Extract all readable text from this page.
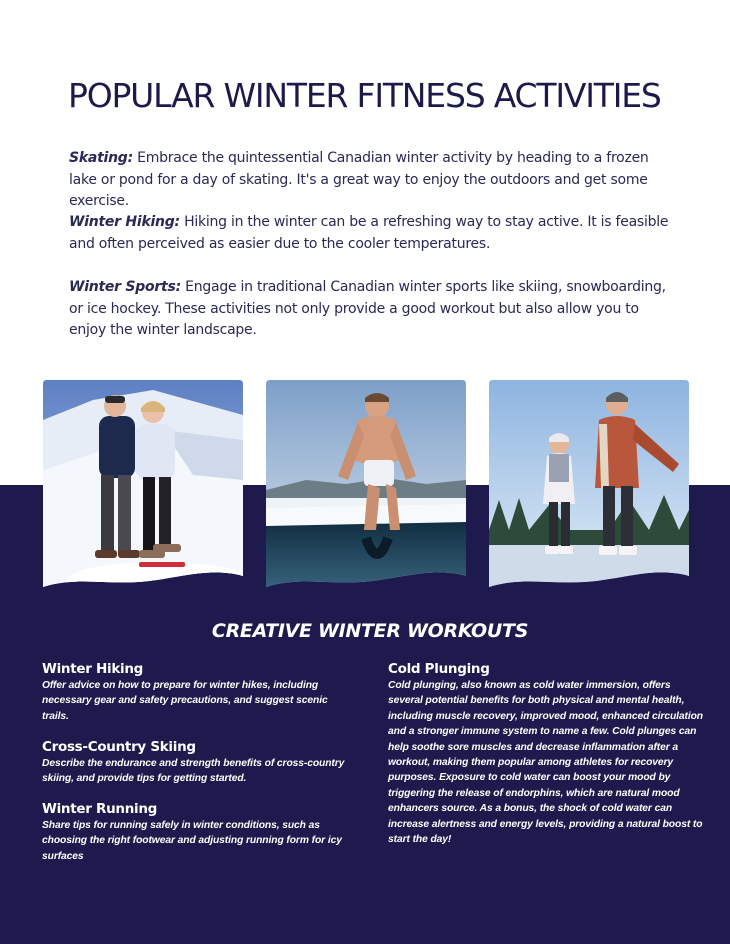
POPULAR WINTER FITNESS ACTIVITIES

Skating: Embrace the quintessential Canadian winter activity by heading to a frozen lake or pond for a day of skating. It's a great way to enjoy the outdoors and get some exercise.

Winter Hiking: Hiking in the winter can be a refreshing way to stay active. It is feasible and often perceived as easier due to the cooler temperatures.

Winter Sports: Engage in traditional Canadian winter sports like skiing, snowboarding, or ice hockey. These activities not only provide a good workout but also allow you to enjoy the winter landscape.

CREATIVE WINTER WORKOUTS
Winter Hiking

Offer advice on how to prepare for winter hikes, including necessary gear and safety precautions, and suggest scenic trails.

Cross-Country Skiing

Describe the endurance and strength benefits of cross-country skiing, and provide tips for getting started.

Winter Running

Share tips for running safely in winter conditions, such as choosing the right footwear and adjusting running form for icy surfaces

Cold Plunging

Cold plunging, also known as cold water immersion, offers several potential benefits for both physical and mental health, including muscle recovery, improved mood, enhanced circulation and a stronger immune system to name a few. Cold plunges can help soothe sore muscles and decrease inflammation after a workout, making them popular among athletes for recovery purposes. Exposure to cold water can boost your mood by triggering the release of endorphins, which are natural mood enhancers source. As a bonus, the shock of cold water can increase alertness and energy levels, providing a natural boost to start the day!
